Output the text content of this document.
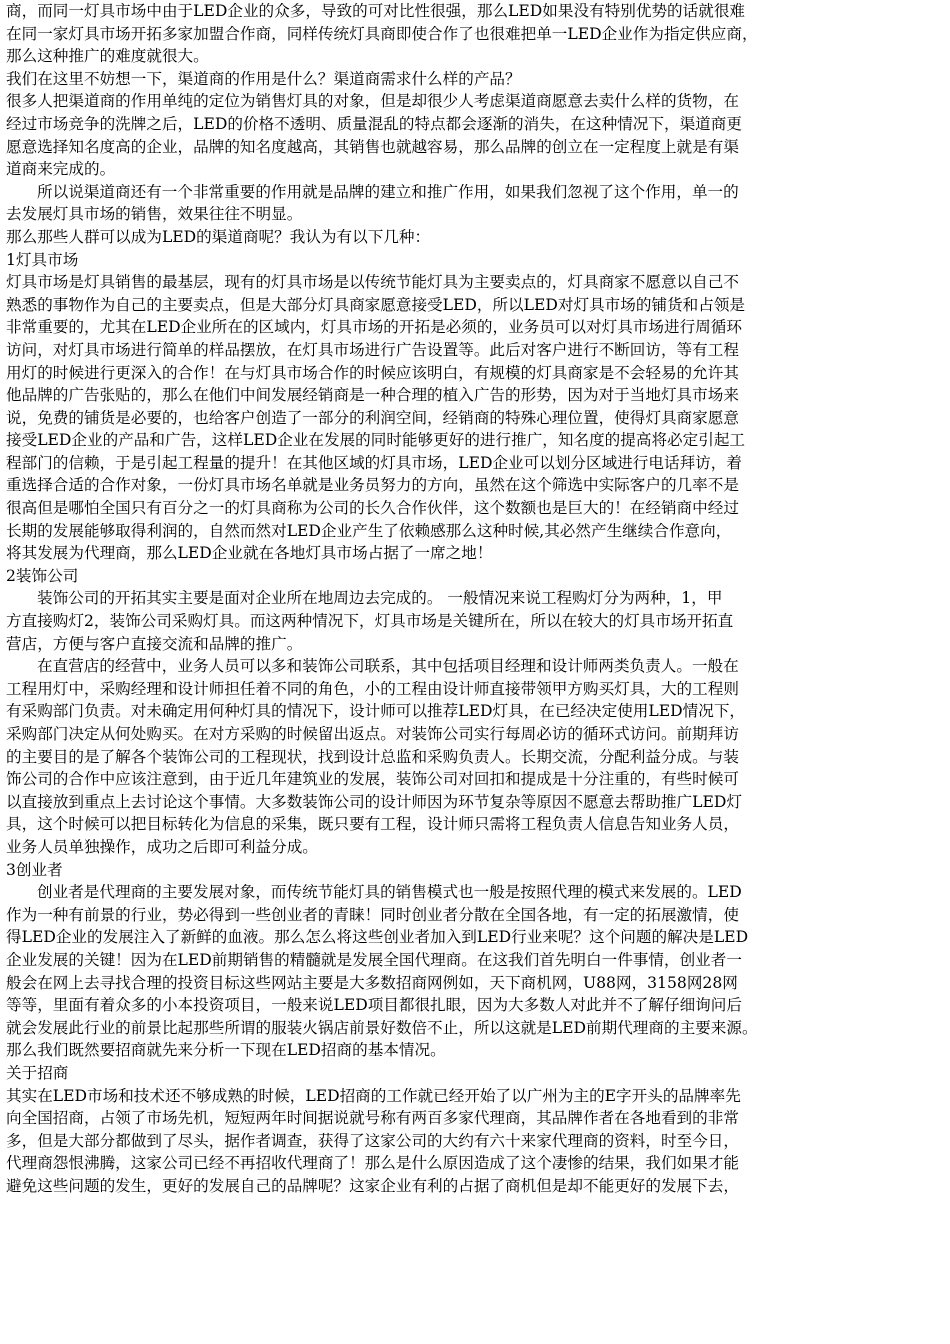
商，而同一灯具市场中由于LED企业的众多，导致的可对比性很强，那么LED如果没有特别优势的话就很难
在同一家灯具市场开拓多家加盟合作商，同样传统灯具商即使合作了也很难把单一LED企业作为指定供应商，
那么这种推广的难度就很大。
我们在这里不妨想一下，渠道商的作用是什么？渠道商需求什么样的产品？
很多人把渠道商的作用单纯的定位为销售灯具的对象，但是却很少人考虑渠道商愿意去卖什么样的货物，在
经过市场竞争的洗牌之后，LED的价格不透明、质量混乱的特点都会逐渐的消失，在这种情况下，渠道商更
愿意选择知名度高的企业，品牌的知名度越高，其销售也就越容易，那么品牌的创立在一定程度上就是有渠
道商来完成的。
所以说渠道商还有一个非常重要的作用就是品牌的建立和推广作用，如果我们忽视了这个作用，单一的
去发展灯具市场的销售，效果往往不明显。
那么那些人群可以成为LED的渠道商呢？我认为有以下几种：
1灯具市场
灯具市场是灯具销售的最基层，现有的灯具市场是以传统节能灯具为主要卖点的，灯具商家不愿意以自己不
熟悉的事物作为自己的主要卖点，但是大部分灯具商家愿意接受LED，所以LED对灯具市场的铺货和占领是
非常重要的，尤其在LED企业所在的区域内，灯具市场的开拓是必须的，业务员可以对灯具市场进行周循环
访问，对灯具市场进行简单的样品摆放，在灯具市场进行广告设置等。此后对客户进行不断回访，等有工程
用灯的时候进行更深入的合作！在与灯具市场合作的时候应该明白，有规模的灯具商家是不会轻易的允许其
他品牌的广告张贴的，那么在他们中间发展经销商是一种合理的植入广告的形势，因为对于当地灯具市场来
说，免费的铺货是必要的，也给客户创造了一部分的利润空间，经销商的特殊心理位置，使得灯具商家愿意
接受LED企业的产品和广告，这样LED企业在发展的同时能够更好的进行推广，知名度的提高将必定引起工
程部门的信赖，于是引起工程量的提升！在其他区域的灯具市场，LED企业可以划分区域进行电话拜访，着
重选择合适的合作对象，一份灯具市场名单就是业务员努力的方向，虽然在这个筛选中实际客户的几率不是
很高但是哪怕全国只有百分之一的灯具商称为公司的长久合作伙伴，这个数额也是巨大的！在经销商中经过
长期的发展能够取得利润的，自然而然对LED企业产生了依赖感那么这种时候,其必然产生继续合作意向，
将其发展为代理商，那么LED企业就在各地灯具市场占据了一席之地！
2装饰公司
装饰公司的开拓其实主要是面对企业所在地周边去完成的。 一般情况来说工程购灯分为两种，1，甲
方直接购灯2，装饰公司采购灯具。而这两种情况下，灯具市场是关键所在，所以在较大的灯具市场开拓直
营店，方便与客户直接交流和品牌的推广。
在直营店的经营中，业务人员可以多和装饰公司联系，其中包括项目经理和设计师两类负责人。一般在
工程用灯中，采购经理和设计师担任着不同的角色，小的工程由设计师直接带领甲方购买灯具，大的工程则
有采购部门负责。对未确定用何种灯具的情况下，设计师可以推荐LED灯具，在已经决定使用LED情况下，
采购部门决定从何处购买。在对方采购的时候留出返点。对装饰公司实行每周必访的循环式访问。前期拜访
的主要目的是了解各个装饰公司的工程现状，找到设计总监和采购负责人。长期交流，分配利益分成。与装
饰公司的合作中应该注意到，由于近几年建筑业的发展，装饰公司对回扣和提成是十分注重的，有些时候可
以直接放到重点上去讨论这个事情。大多数装饰公司的设计师因为环节复杂等原因不愿意去帮助推广LED灯
具，这个时候可以把目标转化为信息的采集，既只要有工程，设计师只需将工程负责人信息告知业务人员，
业务人员单独操作，成功之后即可利益分成。
3创业者
创业者是代理商的主要发展对象，而传统节能灯具的销售模式也一般是按照代理的模式来发展的。LED
作为一种有前景的行业，势必得到一些创业者的青睐！同时创业者分散在全国各地，有一定的拓展激情，使
得LED企业的发展注入了新鲜的血液。那么怎么将这些创业者加入到LED行业来呢？这个问题的解决是LED
企业发展的关键！因为在LED前期销售的精髓就是发展全国代理商。在这我们首先明白一件事情，创业者一
般会在网上去寻找合理的投资目标这些网站主要是大多数招商网例如，天下商机网，U88网，3158网28网
等等，里面有着众多的小本投资项目，一般来说LED项目都很扎眼，因为大多数人对此并不了解仔细询问后
就会发展此行业的前景比起那些所谓的服装火锅店前景好数倍不止，所以这就是LED前期代理商的主要来源。
那么我们既然要招商就先来分析一下现在LED招商的基本情况。
关于招商
其实在LED市场和技术还不够成熟的时候，LED招商的工作就已经开始了以广州为主的E字开头的品牌率先
向全国招商，占领了市场先机，短短两年时间据说就号称有两百多家代理商，其品牌作者在各地看到的非常
多，但是大部分都做到了尽头，据作者调查，获得了这家公司的大约有六十来家代理商的资料，时至今日，
代理商怨恨沸腾，这家公司已经不再招收代理商了！那么是什么原因造成了这个凄惨的结果，我们如果才能
避免这些问题的发生，更好的发展自己的品牌呢？这家企业有利的占据了商机但是却不能更好的发展下去，
